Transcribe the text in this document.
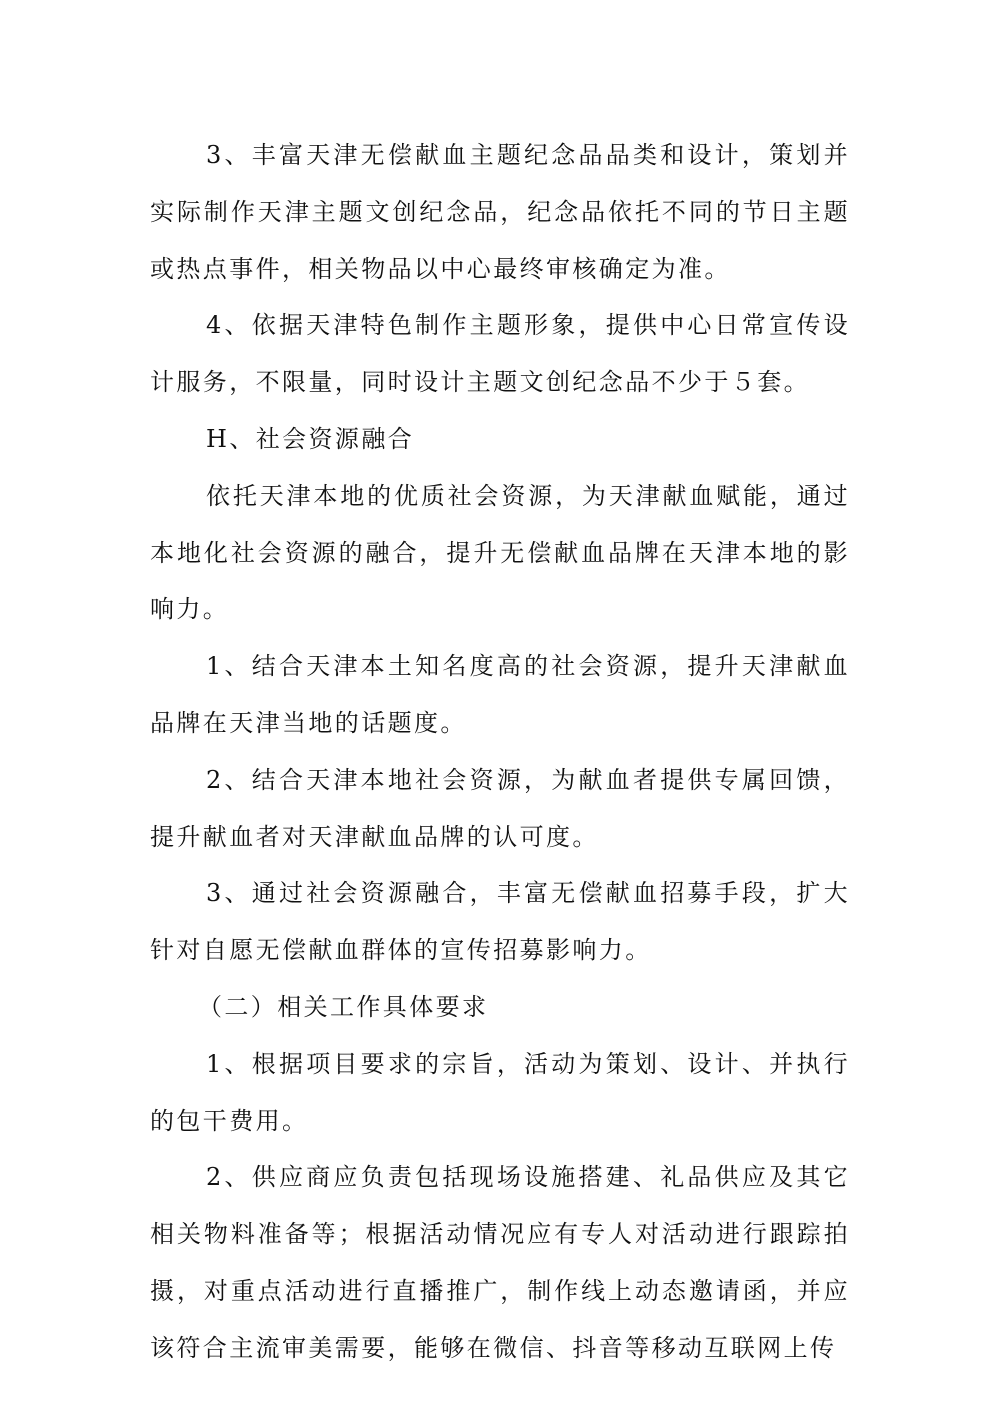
3、丰富天津无偿献血主题纪念品品类和设计，策划并实际制作天津主题文创纪念品，纪念品依托不同的节日主题或热点事件，相关物品以中心最终审核确定为准。

4、依据天津特色制作主题形象，提供中心日常宣传设计服务，不限量，同时设计主题文创纪念品不少于５套。

H、社会资源融合

依托天津本地的优质社会资源，为天津献血赋能，通过本地化社会资源的融合，提升无偿献血品牌在天津本地的影响力。

1、结合天津本土知名度高的社会资源，提升天津献血品牌在天津当地的话题度。

2、结合天津本地社会资源，为献血者提供专属回馈，提升献血者对天津献血品牌的认可度。

3、通过社会资源融合，丰富无偿献血招募手段，扩大针对自愿无偿献血群体的宣传招募影响力。

（二）相关工作具体要求

1、根据项目要求的宗旨，活动为策划、设计、并执行的包干费用。

2、供应商应负责包括现场设施搭建、礼品供应及其它相关物料准备等；根据活动情况应有专人对活动进行跟踪拍摄，对重点活动进行直播推广，制作线上动态邀请函，并应该符合主流审美需要，能够在微信、抖音等移动互联网上传
